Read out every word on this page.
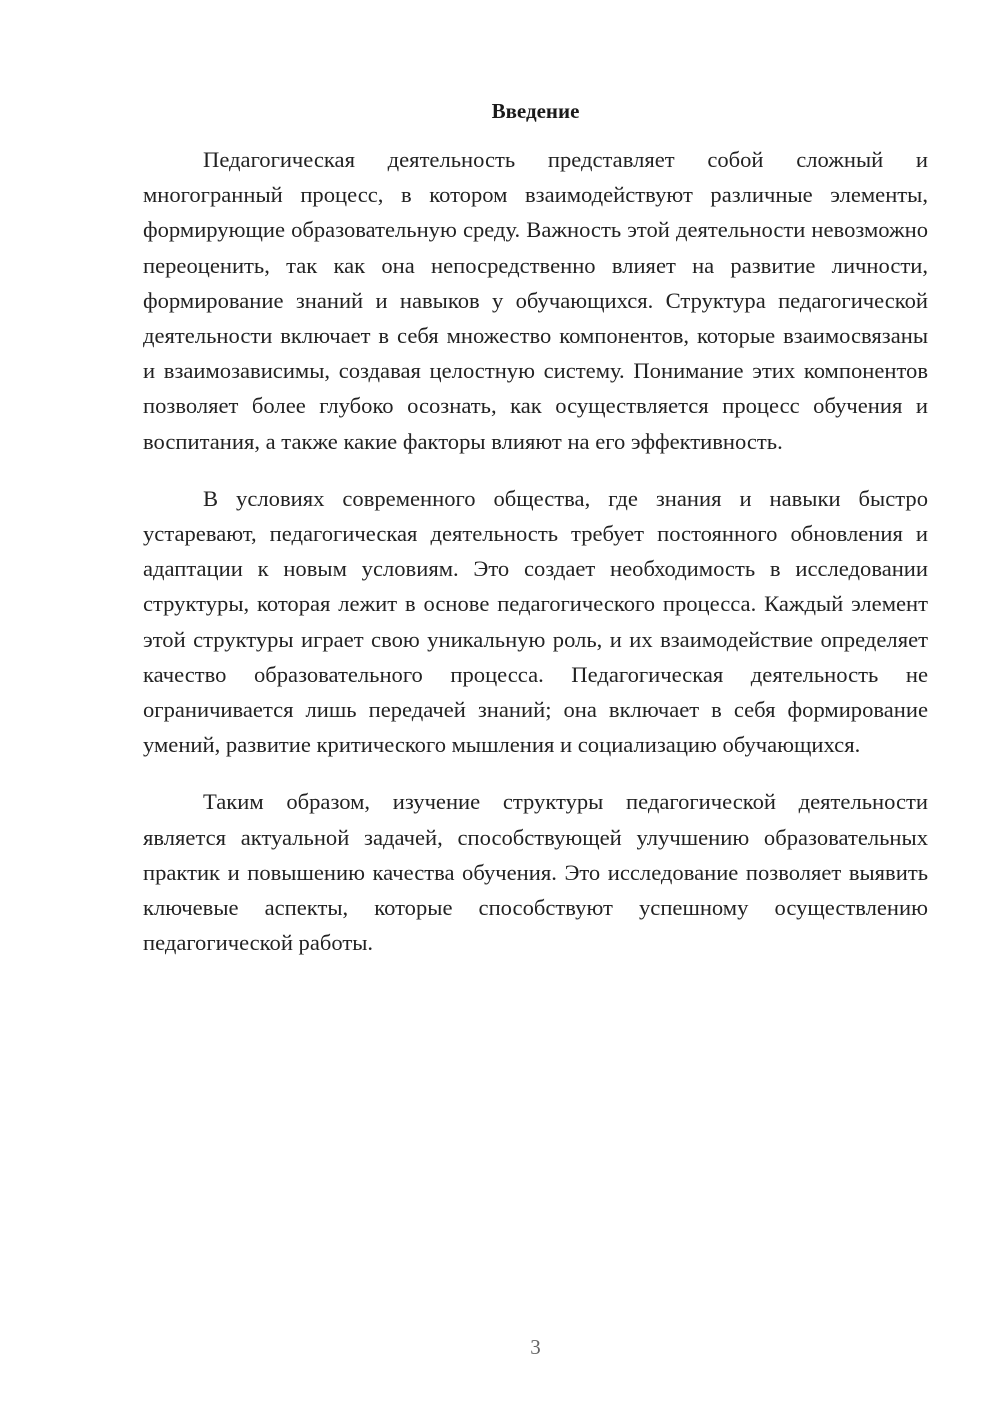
Введение

Педагогическая деятельность представляет собой сложный и многогранный процесс, в котором взаимодействуют различные элементы, формирующие образовательную среду. Важность этой деятельности невозможно переоценить, так как она непосредственно влияет на развитие личности, формирование знаний и навыков у обучающихся. Структура педагогической деятельности включает в себя множество компонентов, которые взаимосвязаны и взаимозависимы, создавая целостную систему. Понимание этих компонентов позволяет более глубоко осознать, как осуществляется процесс обучения и воспитания, а также какие факторы влияют на его эффективность.

В условиях современного общества, где знания и навыки быстро устаревают, педагогическая деятельность требует постоянного обновления и адаптации к новым условиям. Это создает необходимость в исследовании структуры, которая лежит в основе педагогического процесса. Каждый элемент этой структуры играет свою уникальную роль, и их взаимодействие определяет качество образовательного процесса. Педагогическая деятельность не ограничивается лишь передачей знаний; она включает в себя формирование умений, развитие критического мышления и социализацию обучающихся.

Таким образом, изучение структуры педагогической деятельности является актуальной задачей, способствующей улучшению образовательных практик и повышению качества обучения. Это исследование позволяет выявить ключевые аспекты, которые способствуют успешному осуществлению педагогической работы.

3
